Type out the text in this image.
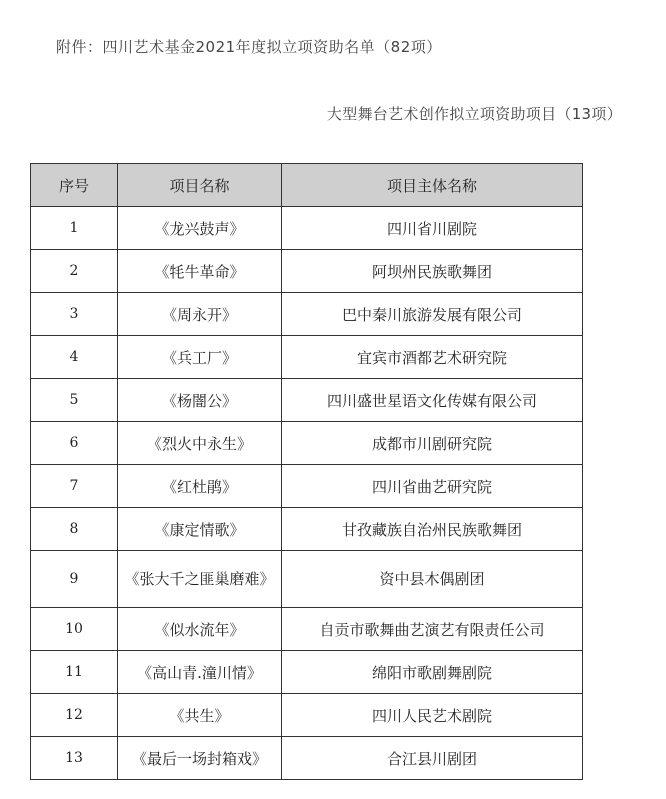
附件：四川艺术基金2021年度拟立项资助名单（82项）
大型舞台艺术创作拟立项资助项目（13项）
序号	项目名称	项目主体名称
1	《龙兴鼓声》	四川省川剧院
2	《牦牛革命》	阿坝州民族歌舞团
3	《周永开》	巴中秦川旅游发展有限公司
4	《兵工厂》	宜宾市酒都艺术研究院
5	《杨闇公》	四川盛世星语文化传媒有限公司
6	《烈火中永生》	成都市川剧研究院
7	《红杜鹃》	四川省曲艺研究院
8	《康定情歌》	甘孜藏族自治州民族歌舞团
9	《张大千之匪巢磨难》	资中县木偶剧团
10	《似水流年》	自贡市歌舞曲艺演艺有限责任公司
11	《高山青.潼川情》	绵阳市歌剧舞剧院
12	《共生》	四川人民艺术剧院
13	《最后一场封箱戏》	合江县川剧团
